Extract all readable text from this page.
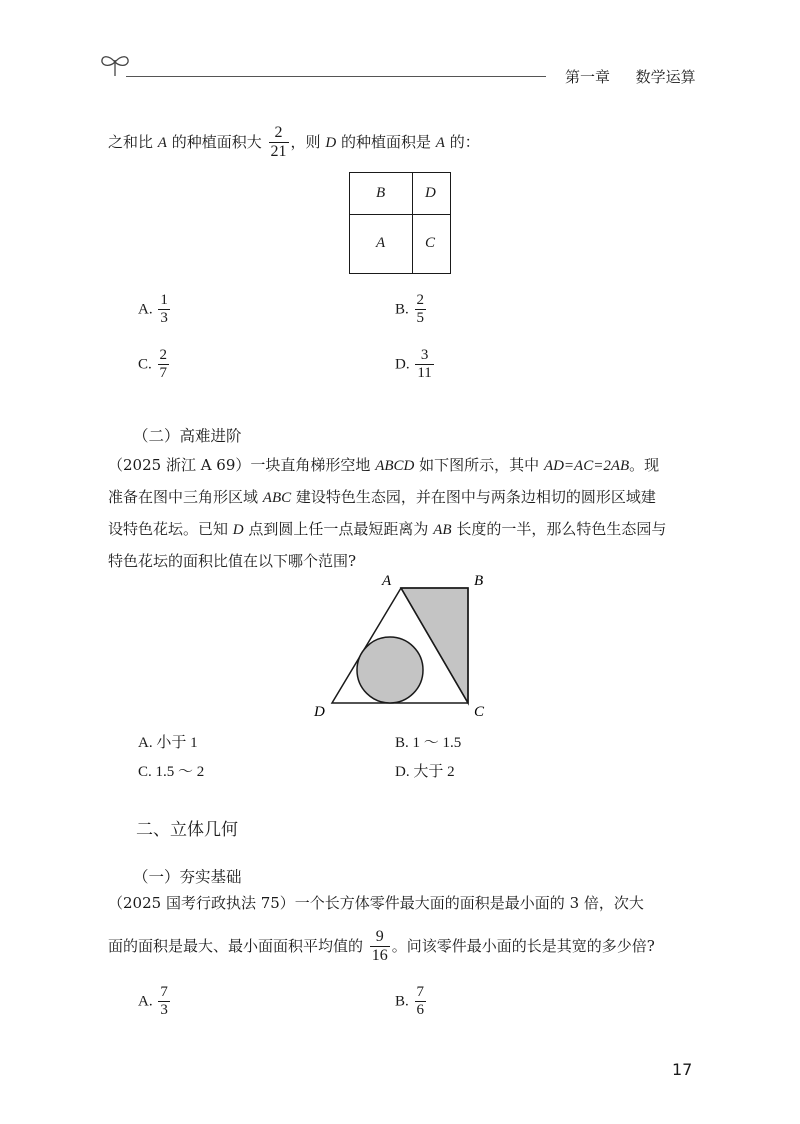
第一章 数学运算
之和比 A 的种植面积大 $\frac{2}{21}$ ，则 D 的种植面积是 A 的：
B	D
A	C
A. $\frac{1}{3}$	B. $\frac{2}{5}$
C. $\frac{2}{7}$	D. $\frac{3}{11}$
（二）高难进阶
（2025 浙江 A 69）一块直角梯形空地 ABCD 如下图所示，其中 AD=AC=2AB。现
准备在图中三角形区域 ABC 建设特色生态园，并在图中与两条边相切的圆形区域建
设特色花坛。已知 D 点到圆上任一点最短距离为 AB 长度的一半，那么特色生态园与
特色花坛的面积比值在以下哪个范围?
A	B
C
D
A. 小于 1	B. 1 ～ 1.5
C. 1.5 ～ 2	D. 大于 2
二、立体几何
（一）夯实基础
（2025 国考行政执法 75）一个长方体零件最大面的面积是最小面的 3 倍，次大
面的面积是最大、最小面面积平均值的 $\frac{9}{16}$ 。问该零件最小面的长是其宽的多少倍?
A. $\frac{7}{3}$	B. $\frac{7}{6}$
17
